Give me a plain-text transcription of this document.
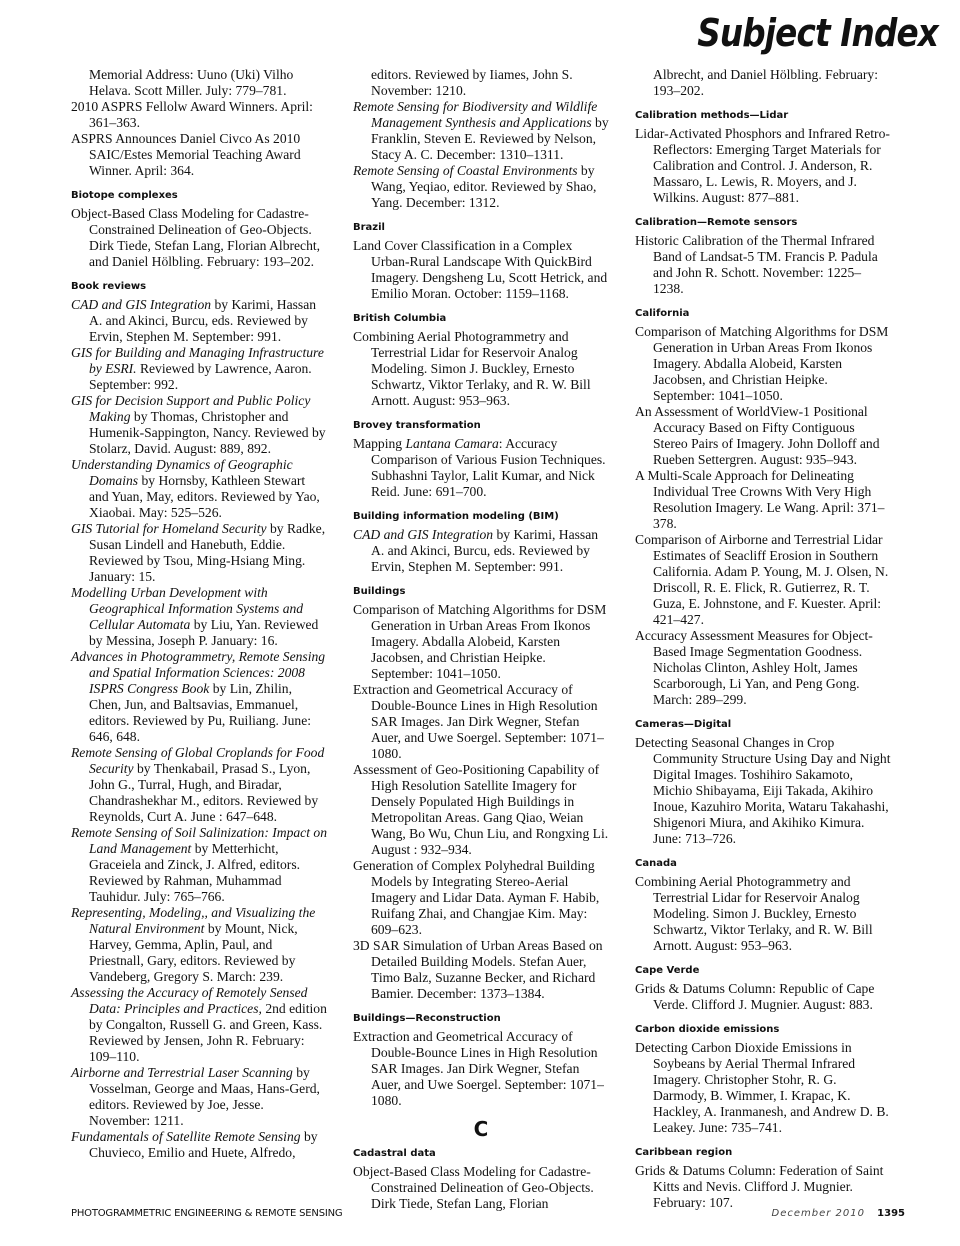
Subject Index
Memorial Address: Uuno (Uki) Vilho Helava. Scott Miller. July: 779–781.
2010 ASPRS Fellolw Award Winners. April: 361–363.
ASPRS Announces Daniel Civco As 2010 SAIC/Estes Memorial Teaching Award Winner. April: 364.
Biotope complexes
Object-Based Class Modeling for Cadastre-Constrained Delineation of Geo-Objects. Dirk Tiede, Stefan Lang, Florian Albrecht, and Daniel Hölbling. February: 193–202.
Book reviews
CAD and GIS Integration by Karimi, Hassan A. and Akinci, Burcu, eds. Reviewed by Ervin, Stephen M. September: 991.
GIS for Building and Managing Infrastructure by ESRI. Reviewed by Lawrence, Aaron. September: 992.
GIS for Decision Support and Public Policy Making by Thomas, Christopher and Humenik-Sappington, Nancy. Reviewed by Stolarz, David. August: 889, 892.
Understanding Dynamics of Geographic Domains by Hornsby, Kathleen Stewart and Yuan, May, editors. Reviewed by Yao, Xiaobai. May: 525–526.
GIS Tutorial for Homeland Security by Radke, Susan Lindell and Hanebuth, Eddie. Reviewed by Tsou, Ming-Hsiang Ming. January: 15.
Modelling Urban Development with Geographical Information Systems and Cellular Automata by Liu, Yan. Reviewed by Messina, Joseph P. January: 16.
Advances in Photogrammetry, Remote Sensing and Spatial Information Sciences: 2008 ISPRS Congress Book by Lin, Zhilin, Chen, Jun, and Baltsavias, Emmanuel, editors. Reviewed by Pu, Ruiliang. June: 646, 648.
Remote Sensing of Global Croplands for Food Security by Thenkabail, Prasad S., Lyon, John G., Turral, Hugh, and Biradar, Chandrashekhar M., editors. Reviewed by Reynolds, Curt A. June : 647–648.
Remote Sensing of Soil Salinization: Impact on Land Management by Metterhicht, Graceiela and Zinck, J. Alfred, editors. Reviewed by Rahman, Muhammad Tauhidur. July: 765–766.
Representing, Modeling,, and Visualizing the Natural Environment by Mount, Nick, Harvey, Gemma, Aplin, Paul, and Priestnall, Gary, editors. Reviewed by Vandeberg, Gregory S. March: 239.
Assessing the Accuracy of Remotely Sensed Data: Principles and Practices, 2nd edition by Congalton, Russell G. and Green, Kass. Reviewed by Jensen, John R. February: 109–110.
Airborne and Terrestrial Laser Scanning by Vosselman, George and Maas, Hans-Gerd, editors. Reviewed by Joe, Jesse. November: 1211.
Fundamentals of Satellite Remote Sensing by Chuvieco, Emilio and Huete, Alfredo,
editors. Reviewed by Iiames, John S. November: 1210.
Remote Sensing for Biodiversity and Wildlife Management Synthesis and Applications by Franklin, Steven E. Reviewed by Nelson, Stacy A. C. December: 1310–1311.
Remote Sensing of Coastal Environments by Wang, Yeqiao, editor. Reviewed by Shao, Yang. December: 1312.
Brazil
Land Cover Classification in a Complex Urban-Rural Landscape With QuickBird Imagery. Dengsheng Lu, Scott Hetrick, and Emilio Moran. October: 1159–1168.
British Columbia
Combining Aerial Photogrammetry and Terrestrial Lidar for Reservoir Analog Modeling. Simon J. Buckley, Ernesto Schwartz, Viktor Terlaky, and R. W. Bill Arnott. August: 953–963.
Brovey transformation
Mapping Lantana Camara: Accuracy Comparison of Various Fusion Techniques. Subhashni Taylor, Lalit Kumar, and Nick Reid. June: 691–700.
Building information modeling (BIM)
CAD and GIS Integration by Karimi, Hassan A. and Akinci, Burcu, eds. Reviewed by Ervin, Stephen M. September: 991.
Buildings
Comparison of Matching Algorithms for DSM Generation in Urban Areas From Ikonos Imagery. Abdalla Alobeid, Karsten Jacobsen, and Christian Heipke. September: 1041–1050.
Extraction and Geometrical Accuracy of Double-Bounce Lines in High Resolution SAR Images. Jan Dirk Wegner, Stefan Auer, and Uwe Soergel. September: 1071–1080.
Assessment of Geo-Positioning Capability of High Resolution Satellite Imagery for Densely Populated High Buildings in Metropolitan Areas. Gang Qiao, Weian Wang, Bo Wu, Chun Liu, and Rongxing Li. August : 932–934.
Generation of Complex Polyhedral Building Models by Integrating Stereo-Aerial Imagery and Lidar Data. Ayman F. Habib, Ruifang Zhai, and Changjae Kim. May: 609–623.
3D SAR Simulation of Urban Areas Based on Detailed Building Models. Stefan Auer, Timo Balz, Suzanne Becker, and Richard Bamier. December: 1373–1384.
Buildings—Reconstruction
Extraction and Geometrical Accuracy of Double-Bounce Lines in High Resolution SAR Images. Jan Dirk Wegner, Stefan Auer, and Uwe Soergel. September: 1071–1080.
C
Cadastral data
Object-Based Class Modeling for Cadastre-Constrained Delineation of Geo-Objects. Dirk Tiede, Stefan Lang, Florian
Albrecht, and Daniel Hölbling. February: 193–202.
Calibration methods—Lidar
Lidar-Activated Phosphors and Infrared Retro-Reflectors: Emerging Target Materials for Calibration and Control. J. Anderson, R. Massaro, L. Lewis, R. Moyers, and J. Wilkins. August: 877–881.
Calibration—Remote sensors
Historic Calibration of the Thermal Infrared Band of Landsat-5 TM. Francis P. Padula and John R. Schott. November: 1225–1238.
California
Comparison of Matching Algorithms for DSM Generation in Urban Areas From Ikonos Imagery. Abdalla Alobeid, Karsten Jacobsen, and Christian Heipke. September: 1041–1050.
An Assessment of WorldView-1 Positional Accuracy Based on Fifty Contiguous Stereo Pairs of Imagery. John Dolloff and Rueben Settergren. August: 935–943.
A Multi-Scale Approach for Delineating Individual Tree Crowns With Very High Resolution Imagery. Le Wang. April: 371–378.
Comparison of Airborne and Terrestrial Lidar Estimates of Seacliff Erosion in Southern California. Adam P. Young, M. J. Olsen, N. Driscoll, R. E. Flick, R. Gutierrez, R. T. Guza, E. Johnstone, and F. Kuester. April: 421–427.
Accuracy Assessment Measures for Object-Based Image Segmentation Goodness. Nicholas Clinton, Ashley Holt, James Scarborough, Li Yan, and Peng Gong. March: 289–299.
Cameras—Digital
Detecting Seasonal Changes in Crop Community Structure Using Day and Night Digital Images. Toshihiro Sakamoto, Michio Shibayama, Eiji Takada, Akihiro Inoue, Kazuhiro Morita, Wataru Takahashi, Shigenori Miura, and Akihiko Kimura. June: 713–726.
Canada
Combining Aerial Photogrammetry and Terrestrial Lidar for Reservoir Analog Modeling. Simon J. Buckley, Ernesto Schwartz, Viktor Terlaky, and R. W. Bill Arnott. August: 953–963.
Cape Verde
Grids & Datums Column: Republic of Cape Verde. Clifford J. Mugnier. August: 883.
Carbon dioxide emissions
Detecting Carbon Dioxide Emissions in Soybeans by Aerial Thermal Infrared Imagery. Christopher Stohr, R. G. Darmody, B. Wimmer, I. Krapac, K. Hackley, A. Iranmanesh, and Andrew D. B. Leakey. June: 735–741.
Caribbean region
Grids & Datums Column: Federation of Saint Kitts and Nevis. Clifford J. Mugnier. February: 107.
PHOTOGRAMMETRIC ENGINEERING & REMOTE SENSING	December 2010 1395
